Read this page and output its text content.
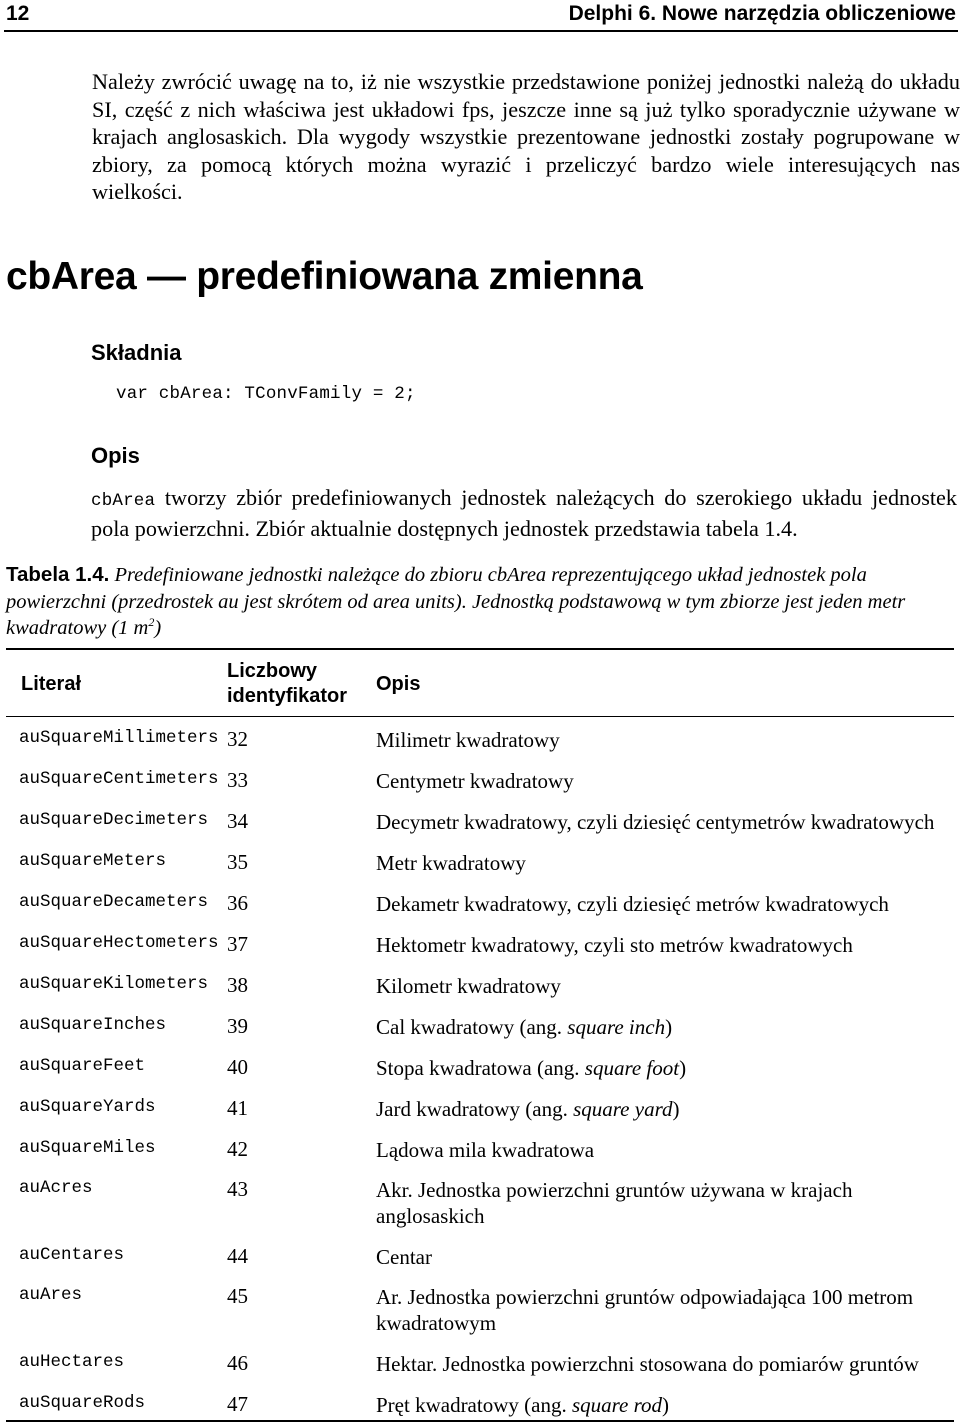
12	Delphi 6. Nowe narzędzia obliczeniowe
Należy zwrócić uwagę na to, iż nie wszystkie przedstawione poniżej jednostki należą do układu SI, część z nich właściwa jest układowi fps, jeszcze inne są już tylko sporadycznie używane w krajach anglosaskich. Dla wygody wszystkie prezentowane jednostki zostały pogrupowane w zbiory, za pomocą których można wyrazić i przeliczyć bardzo wiele interesujących nas wielkości.
cbArea — predefiniowana zmienna
Składnia
var cbArea: TConvFamily = 2;
Opis
cbArea tworzy zbiór predefiniowanych jednostek należących do szerokiego układu jednostek pola powierzchni. Zbiór aktualnie dostępnych jednostek przedstawia tabela 1.4.
Tabela 1.4. Predefiniowane jednostki należące do zbioru cbArea reprezentującego układ jednostek pola powierzchni (przedrostek au jest skrótem od area units). Jednostką podstawową w tym zbiorze jest jeden metr kwadratowy (1 $m^2$)
Literał
Liczbowy identyfikator
Opis
auSquareMillimeters 32	Milimetr kwadratowy
auSquareCentimeters 33	Centymetr kwadratowy
auSquareDecimeters 34	Decymetr kwadratowy, czyli dziesięć centymetrów kwadratowych
auSquareMeters	35	Metr kwadratowy
auSquareDecameters 36	Dekametr kwadratowy, czyli dziesięć metrów kwadratowych
auSquareHectometers 37	Hektometr kwadratowy, czyli sto metrów kwadratowych
auSquareKilometers 38	Kilometr kwadratowy
auSquareInches	39	Cal kwadratowy (ang. square inch)
auSquareFeet	40	Stopa kwadratowa (ang. square foot)
auSquareYards	41	Jard kwadratowy (ang. square yard)
auSquareMiles	42	Lądowa mila kwadratowa
auAcres	43	Akr. Jednostka powierzchni gruntów używana w krajach anglosaskich
auCentares	44	Centar
auAres	45	Ar. Jednostka powierzchni gruntów odpowiadająca 100 metrom kwadratowym
auHectares	46	Hektar. Jednostka powierzchni stosowana do pomiarów gruntów
auSquareRods	47	Pręt kwadratowy (ang. square rod)
